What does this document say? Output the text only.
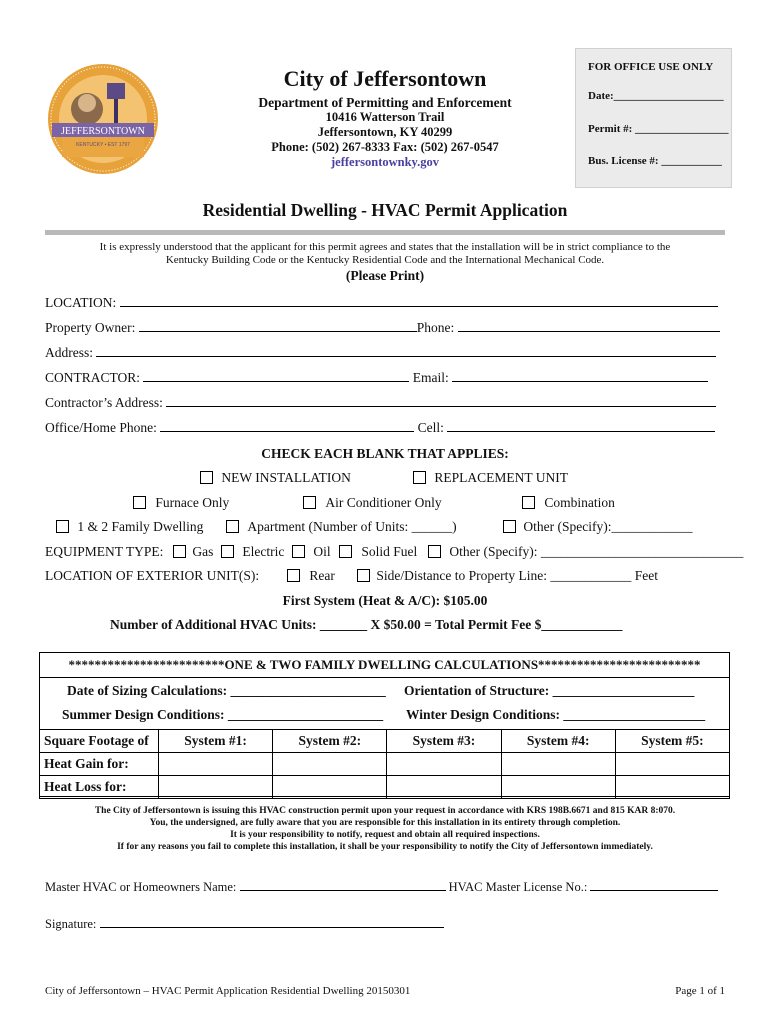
JEFFERSONTOWN
KENTUCKY • EST 1797
City of Jeffersontown
Department of Permitting and Enforcement
10416 Watterson Trail
Jeffersontown, KY 40299
Phone: (502) 267-8333 Fax: (502) 267-0547
jeffersontownky.gov
FOR OFFICE USE ONLY
Date:____________________
Permit #: _________________
Bus. License #: ___________
Residential Dwelling - HVAC Permit Application
It is expressly understood that the applicant for this permit agrees and states that the installation will be in strict compliance to the
Kentucky Building Code or the Kentucky Residential Code and the International Mechanical Code.
(Please Print)
LOCATION:
Property Owner:	Phone:
Address:
CONTRACTOR:	Email:
Contractor’s Address:
Office/Home Phone:	Cell:
CHECK EACH BLANK THAT APPLIES:
NEW INSTALLATION	REPLACEMENT UNIT
Furnace Only	Air Conditioner Only	Combination
1 & 2 Family Dwelling	Apartment (Number of Units: ______)	Other (Specify):____________
EQUIPMENT TYPE:	Gas	Electric	Oil	Solid Fuel	Other (Specify): ______________________________
LOCATION OF EXTERIOR UNIT(S):	Rear	Side/Distance to Property Line: ____________ Feet
First System (Heat & A/C): $105.00
Number of Additional HVAC Units: _______ X $50.00 = Total Permit Fee $____________
************************ONE & TWO FAMILY DWELLING CALCULATIONS*************************
Date of Sizing Calculations: _______________________ Orientation of Structure: _____________________
Summer Design Conditions: _______________________ Winter Design Conditions: _____________________
Square Footage of	System #1:	System #2:	System #3:	System #4:	System #5:
Heat Gain for:					
Heat Loss for:					
The City of Jeffersontown is issuing this HVAC construction permit upon your request in accordance with KRS 198B.6671 and 815 KAR 8:070.
You, the undersigned, are fully aware that you are responsible for this installation in its entirety through completion.
It is your responsibility to notify, request and obtain all required inspections.
If for any reasons you fail to complete this installation, it shall be your responsibility to notify the City of Jeffersontown immediately.
Master HVAC or Homeowners Name:	HVAC Master License No.:
Signature:
City of Jeffersontown – HVAC Permit Application Residential Dwelling 20150301	Page 1 of 1
